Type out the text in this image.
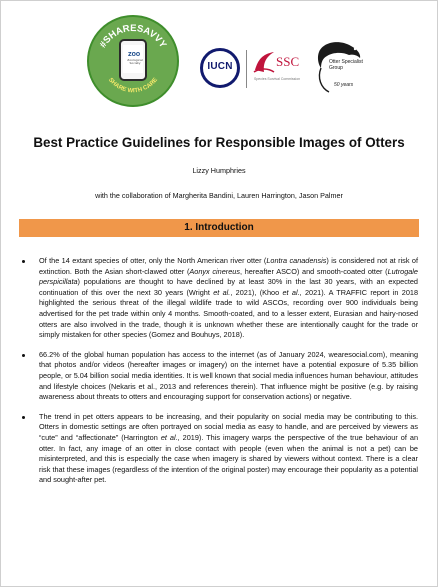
#SHARESAVVY
SHARE WITH CARE
ZOO
Zoological Society	IUCN	SSC
Species Survival Commission
Otter Specialist Group
50 years
Best Practice Guidelines for Responsible Images of Otters
Lizzy Humphries
with the collaboration of Margherita Bandini, Lauren Harrington, Jason Palmer
1. Introduction
Of the 14 extant species of otter, only the North American river otter (Lontra canadensis) is considered not at risk of extinction. Both the Asian short-clawed otter (Aonyx cinereus, hereafter ASCO) and smooth-coated otter (Lutrogale perspicillata) populations are thought to have declined by at least 30% in the last 30 years, with an expected continuation of this over the next 30 years (Wright et al., 2021), (Khoo et al., 2021). A TRAFFIC report in 2018 highlighted the serious threat of the illegal wildlife trade to wild ASCOs, recording over 900 individuals being advertised for the pet trade within only 4 months. Smooth-coated, and to a lesser extent, Eurasian and hairy-nosed otters are also involved in the trade, though it is unknown whether these are intentionally caught for the trade or simply mistaken for other species (Gomez and Bouhuys, 2018).
66.2% of the global human population has access to the internet (as of January 2024, wearesocial.com), meaning that photos and/or videos (hereafter images or imagery) on the internet have a potential exposure of 5.35 billion people, or 5.04 billion social media identities. It is well known that social media influences human behaviour, attitudes and lifestyle choices (Nekaris et al., 2013 and references therein). That influence might be positive (e.g. by raising awareness about threats to otters and encouraging support for conservation actions) or negative.
The trend in pet otters appears to be increasing, and their popularity on social media may be contributing to this. Otters in domestic settings are often portrayed on social media as easy to handle, and are perceived by viewers as “cute” and “affectionate” (Harrington et al., 2019). This imagery warps the perspective of the true behaviour of an otter. In fact, any image of an otter in close contact with people (even when the animal is not a pet) can be misinterpreted, and this is especially the case when imagery is shared by viewers without context. There is a clear risk that these images (regardless of the intention of the original poster) may encourage their popularity as a potential and sought-after pet.
